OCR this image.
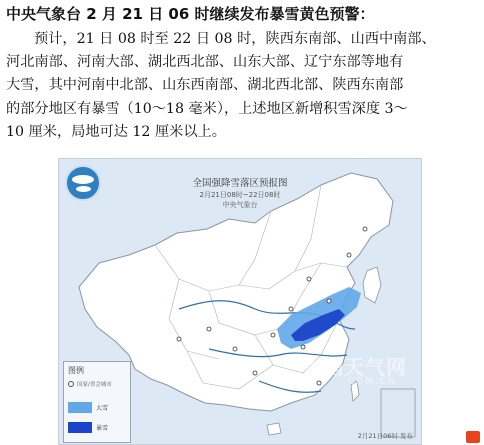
中央气象台 2 月 21 日 06 时继续发布暴雪黄色预警：

预计，21 日 08 时至 22 日 08 时，陕西东南部、山西中南部、

河北南部、河南大部、湖北西北部、山东大部、辽宁东部等地有

大雪，其中河南中北部、山东西南部、湖北西北部、陕西东南部

的部分地区有暴雪（10～18 毫米），上述地区新增积雪深度 3～

10 厘米，局地可达 12 厘米以上。

全国强降雪落区预报图
2月21日08时~22日08时
中央气象台
中国天气网
COM.CN
图例
国家/省会城市
大雪
暴雪
2月21日06时 发布
